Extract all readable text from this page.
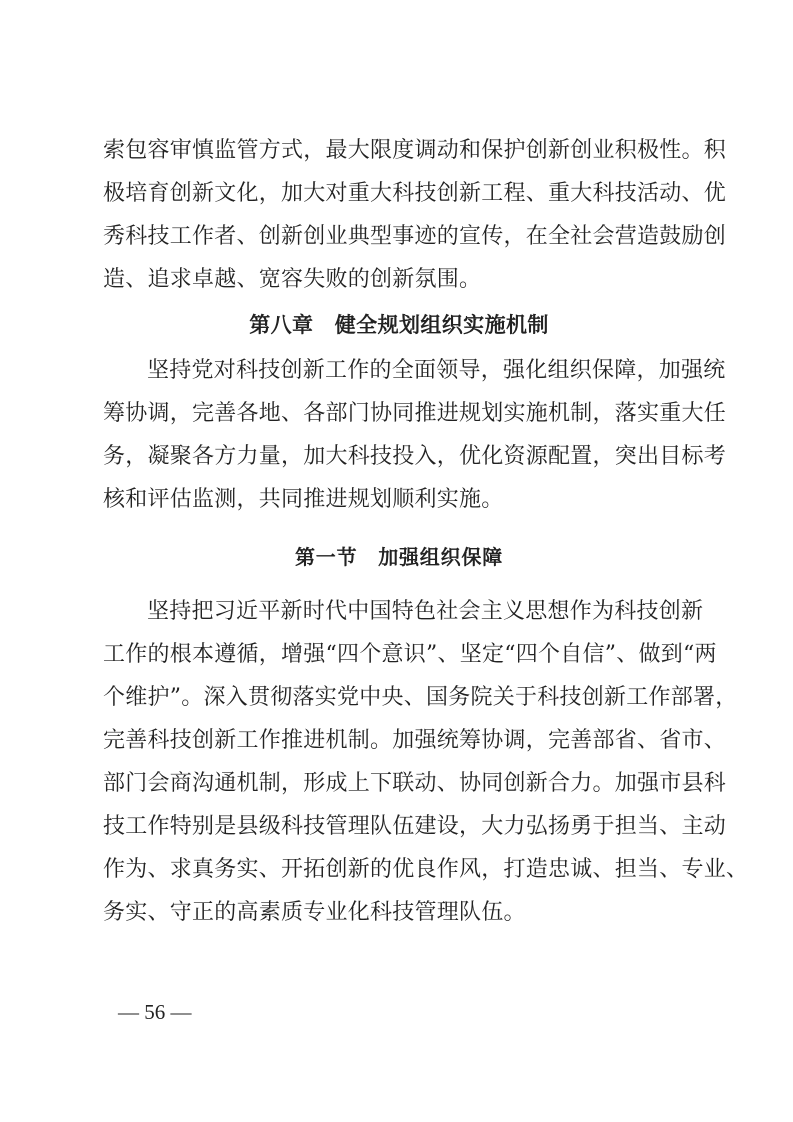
索包容审慎监管方式，最大限度调动和保护创新创业积极性。积
极培育创新文化，加大对重大科技创新工程、重大科技活动、优
秀科技工作者、创新创业典型事迹的宣传，在全社会营造鼓励创
造、追求卓越、宽容失败的创新氛围。
第八章　健全规划组织实施机制
坚持党对科技创新工作的全面领导，强化组织保障，加强统
筹协调，完善各地、各部门协同推进规划实施机制，落实重大任
务，凝聚各方力量，加大科技投入，优化资源配置，突出目标考
核和评估监测，共同推进规划顺利实施。
第一节　加强组织保障
坚持把习近平新时代中国特色社会主义思想作为科技创新
工作的根本遵循，增强“四个意识”、坚定“四个自信”、做到“两
个维护”。深入贯彻落实党中央、国务院关于科技创新工作部署，
完善科技创新工作推进机制。加强统筹协调，完善部省、省市、
部门会商沟通机制，形成上下联动、协同创新合力。加强市县科
技工作特别是县级科技管理队伍建设，大力弘扬勇于担当、主动
作为、求真务实、开拓创新的优良作风，打造忠诚、担当、专业、
务实、守正的高素质专业化科技管理队伍。
— 56 —
